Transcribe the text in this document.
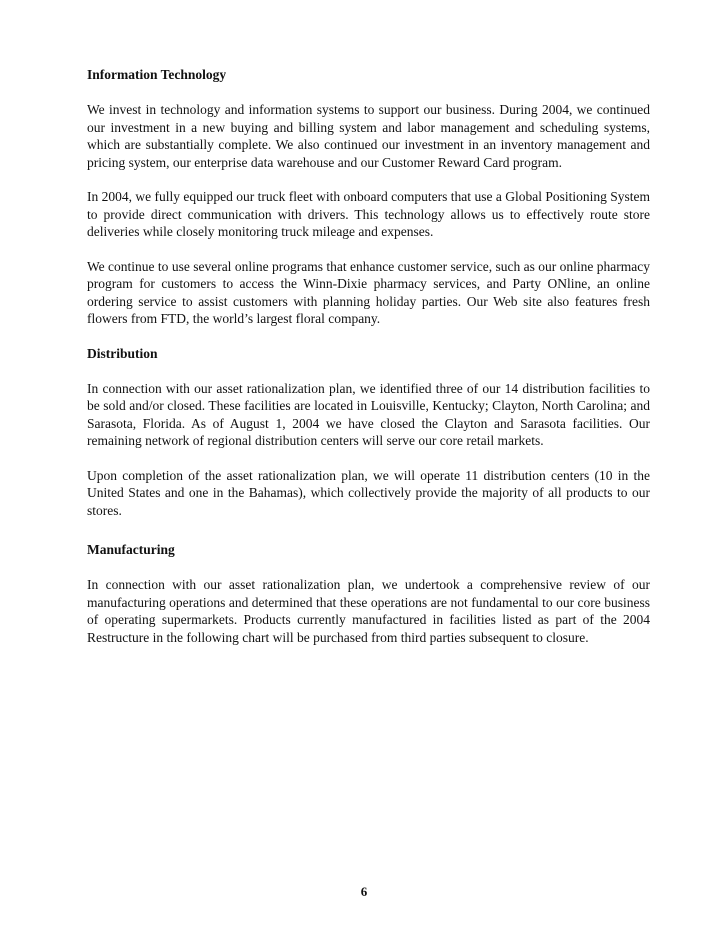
Information Technology

We invest in technology and information systems to support our business. During 2004, we continued our investment in a new buying and billing system and labor management and scheduling systems, which are substantially complete. We also continued our investment in an inventory management and pricing system, our enterprise data warehouse and our Customer Reward Card program.

In 2004, we fully equipped our truck fleet with onboard computers that use a Global Positioning System to provide direct communication with drivers. This technology allows us to effectively route store deliveries while closely monitoring truck mileage and expenses.

We continue to use several online programs that enhance customer service, such as our online pharmacy program for customers to access the Winn-Dixie pharmacy services, and Party ONline, an online ordering service to assist customers with planning holiday parties. Our Web site also features fresh flowers from FTD, the world’s largest floral company.

Distribution

In connection with our asset rationalization plan, we identified three of our 14 distribution facilities to be sold and/or closed. These facilities are located in Louisville, Kentucky; Clayton, North Carolina; and Sarasota, Florida. As of August 1, 2004 we have closed the Clayton and Sarasota facilities. Our remaining network of regional distribution centers will serve our core retail markets.

Upon completion of the asset rationalization plan, we will operate 11 distribution centers (10 in the United States and one in the Bahamas), which collectively provide the majority of all products to our stores.

Manufacturing

In connection with our asset rationalization plan, we undertook a comprehensive review of our manufacturing operations and determined that these operations are not fundamental to our core business of operating supermarkets. Products currently manufactured in facilities listed as part of the 2004 Restructure in the following chart will be purchased from third parties subsequent to closure.

6
